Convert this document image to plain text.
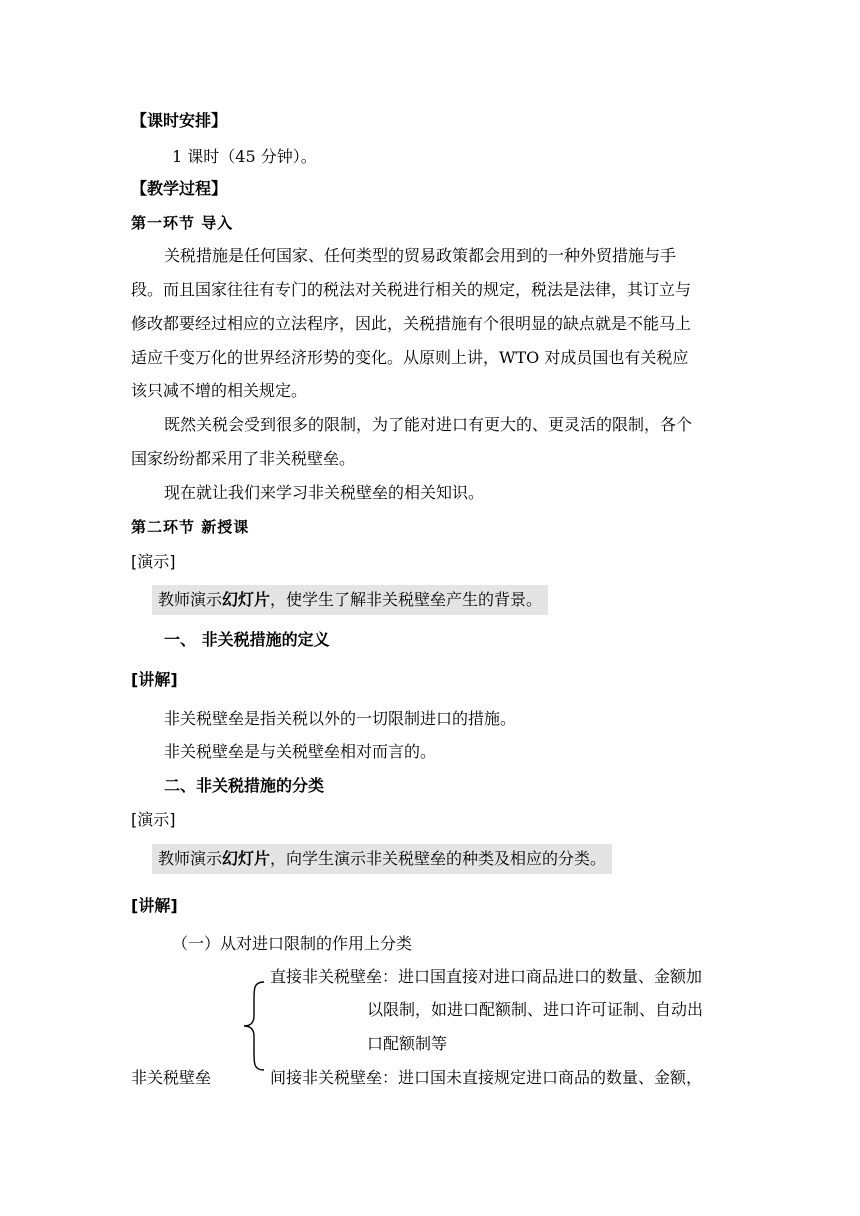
【课时安排】
1 课时（45 分钟）。
【教学过程】
第一环节 导入
关税措施是任何国家、任何类型的贸易政策都会用到的一种外贸措施与手
段。而且国家往往有专门的税法对关税进行相关的规定，税法是法律，其订立与
修改都要经过相应的立法程序，因此，关税措施有个很明显的缺点就是不能马上
适应千变万化的世界经济形势的变化。从原则上讲，WTO 对成员国也有关税应
该只减不增的相关规定。
既然关税会受到很多的限制，为了能对进口有更大的、更灵活的限制，各个
国家纷纷都采用了非关税壁垒。
现在就让我们来学习非关税壁垒的相关知识。
第二环节 新授课
[演示]
教师演示幻灯片，使学生了解非关税壁垒产生的背景。
一、 非关税措施的定义
[讲解]
非关税壁垒是指关税以外的一切限制进口的措施。
非关税壁垒是与关税壁垒相对而言的。
二、非关税措施的分类
[演示]
教师演示幻灯片，向学生演示非关税壁垒的种类及相应的分类。
[讲解]
（一）从对进口限制的作用上分类
直接非关税壁垒：进口国直接对进口商品进口的数量、金额加
以限制，如进口配额制、进口许可证制、自动出
口配额制等
非关税壁垒	间接非关税壁垒：进口国未直接规定进口商品的数量、金额，
